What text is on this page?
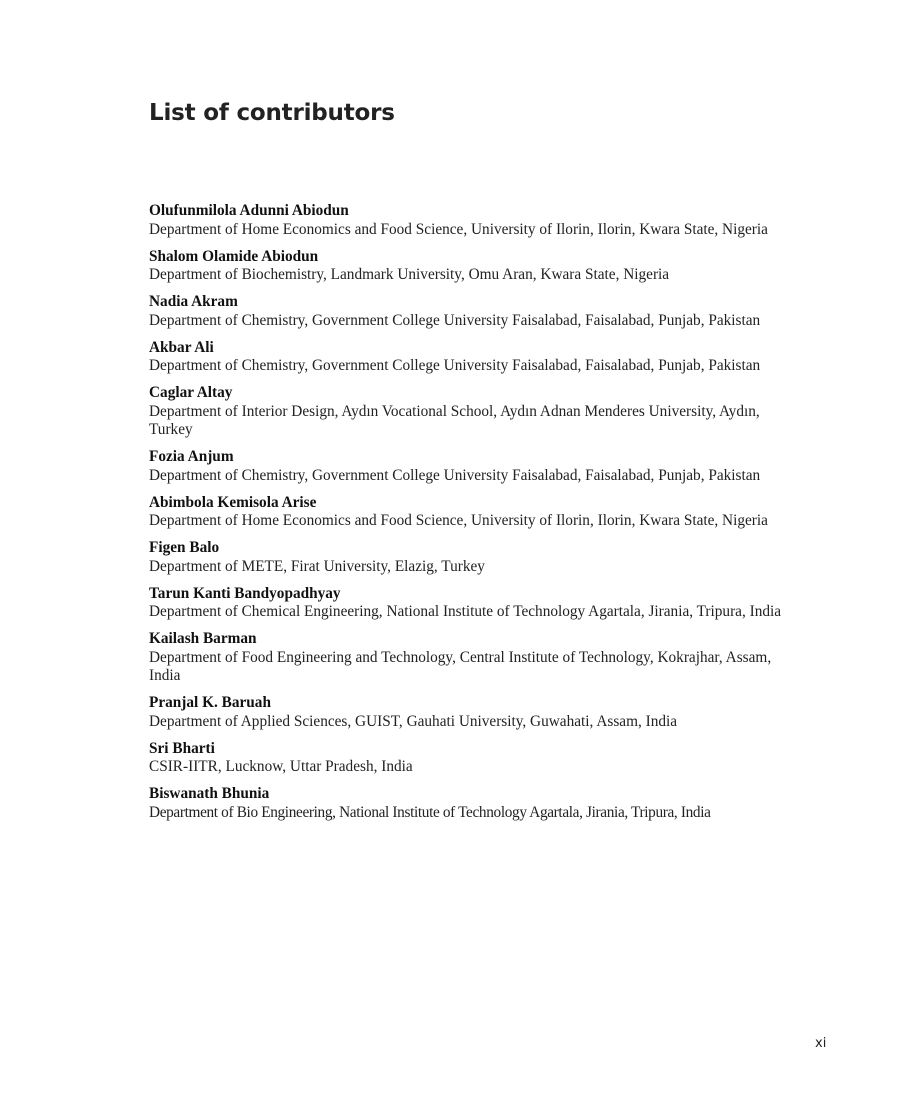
List of contributors
Olufunmilola Adunni Abiodun
Department of Home Economics and Food Science, University of Ilorin, Ilorin, Kwara State, Nigeria
Shalom Olamide Abiodun
Department of Biochemistry, Landmark University, Omu Aran, Kwara State, Nigeria
Nadia Akram
Department of Chemistry, Government College University Faisalabad, Faisalabad, Punjab, Pakistan
Akbar Ali
Department of Chemistry, Government College University Faisalabad, Faisalabad, Punjab, Pakistan
Caglar Altay
Department of Interior Design, Aydın Vocational School, Aydın Adnan Menderes University, Aydın, Turkey
Fozia Anjum
Department of Chemistry, Government College University Faisalabad, Faisalabad, Punjab, Pakistan
Abimbola Kemisola Arise
Department of Home Economics and Food Science, University of Ilorin, Ilorin, Kwara State, Nigeria
Figen Balo
Department of METE, Firat University, Elazig, Turkey
Tarun Kanti Bandyopadhyay
Department of Chemical Engineering, National Institute of Technology Agartala, Jirania, Tripura, India
Kailash Barman
Department of Food Engineering and Technology, Central Institute of Technology, Kokrajhar, Assam, India
Pranjal K. Baruah
Department of Applied Sciences, GUIST, Gauhati University, Guwahati, Assam, India
Sri Bharti
CSIR-IITR, Lucknow, Uttar Pradesh, India
Biswanath Bhunia
Department of Bio Engineering, National Institute of Technology Agartala, Jirania, Tripura, India
xi
